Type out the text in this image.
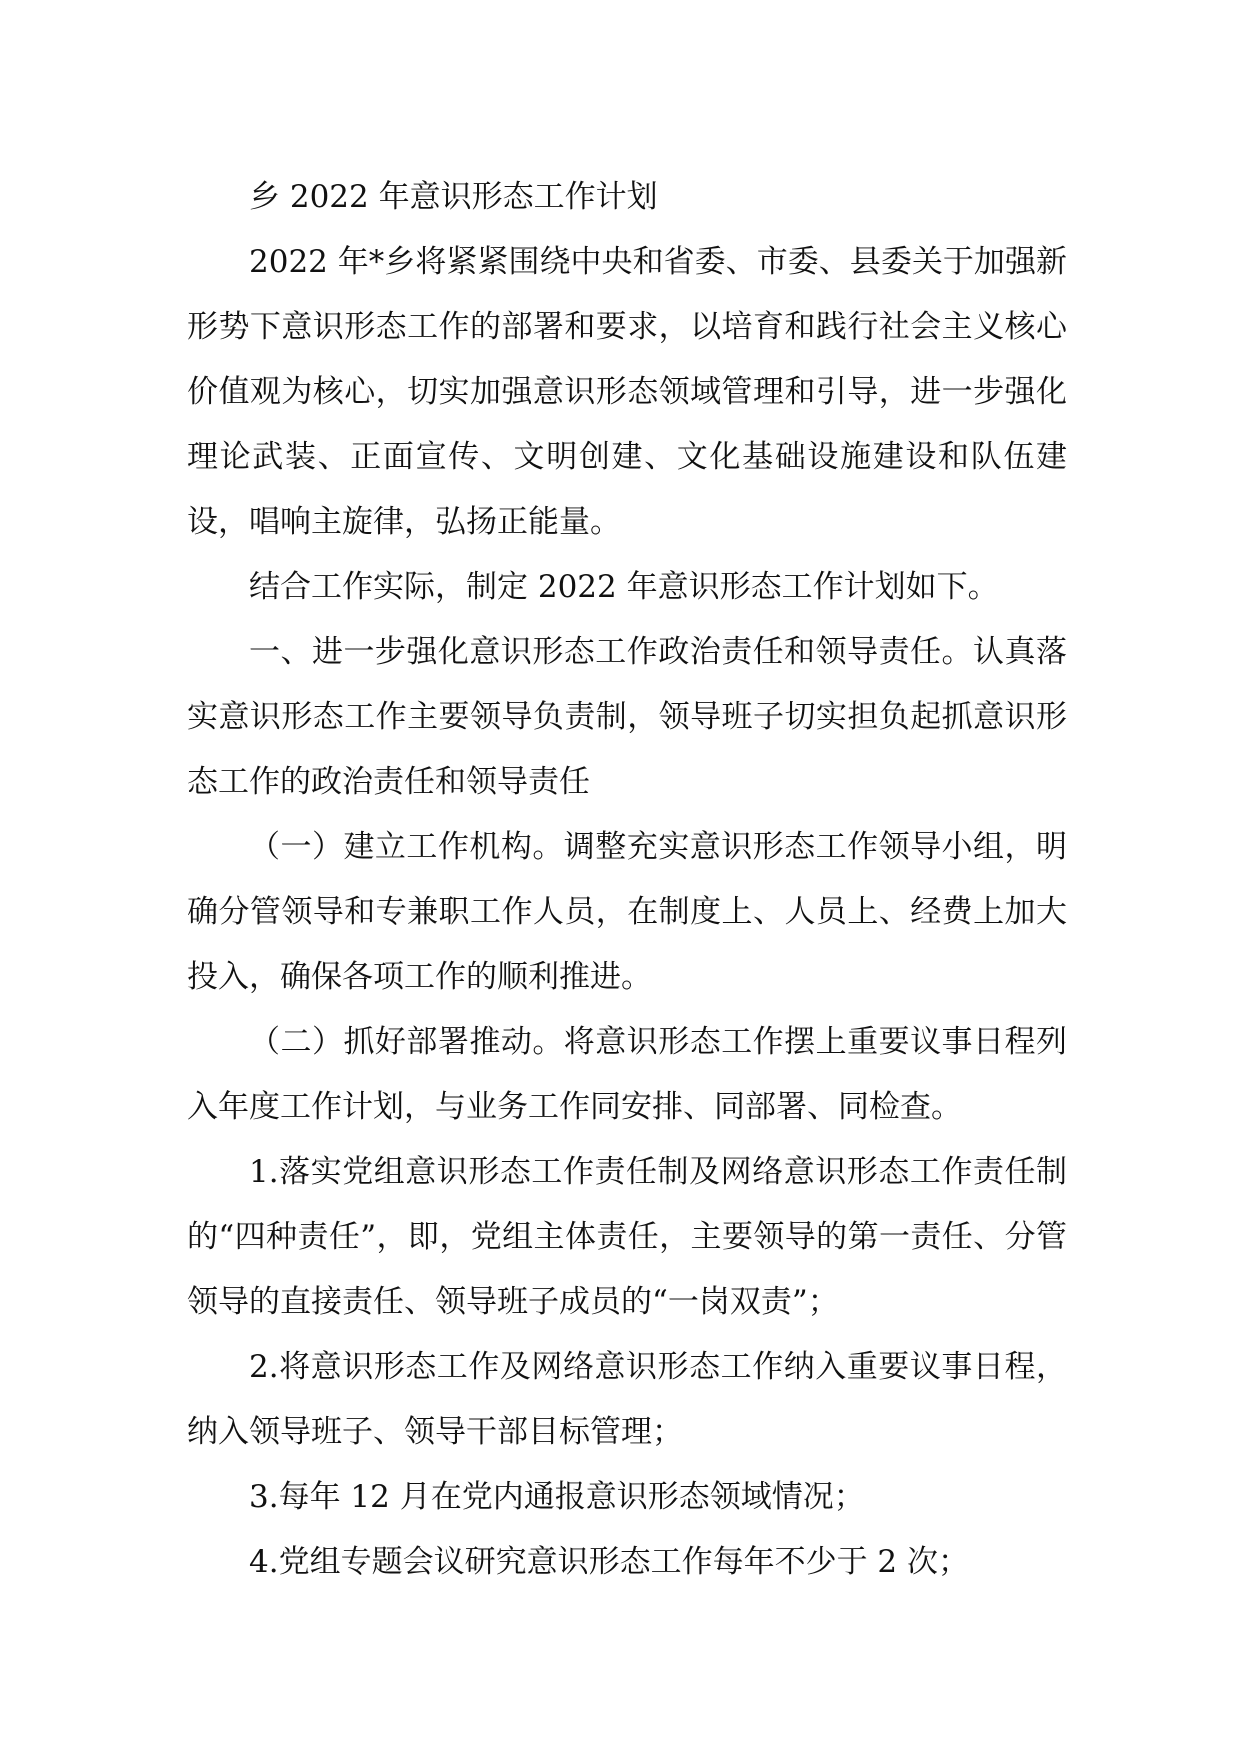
乡 2022 年意识形态工作计划

2022 年*乡将紧紧围绕中央和省委、市委、县委关于加强新形势下意识形态工作的部署和要求，以培育和践行社会主义核心价值观为核心，切实加强意识形态领域管理和引导，进一步强化理论武装、正面宣传、文明创建、文化基础设施建设和队伍建设，唱响主旋律，弘扬正能量。

结合工作实际，制定 2022 年意识形态工作计划如下。

一、进一步强化意识形态工作政治责任和领导责任。认真落实意识形态工作主要领导负责制，领导班子切实担负起抓意识形态工作的政治责任和领导责任

（一）建立工作机构。调整充实意识形态工作领导小组，明确分管领导和专兼职工作人员，在制度上、人员上、经费上加大投入，确保各项工作的顺利推进。

（二）抓好部署推动。将意识形态工作摆上重要议事日程列入年度工作计划，与业务工作同安排、同部署、同检查。

1.落实党组意识形态工作责任制及网络意识形态工作责任制的“四种责任”，即，党组主体责任，主要领导的第一责任、分管领导的直接责任、领导班子成员的“一岗双责”；

2.将意识形态工作及网络意识形态工作纳入重要议事日程，纳入领导班子、领导干部目标管理；

3.每年 12 月在党内通报意识形态领域情况；

4.党组专题会议研究意识形态工作每年不少于 2 次；
